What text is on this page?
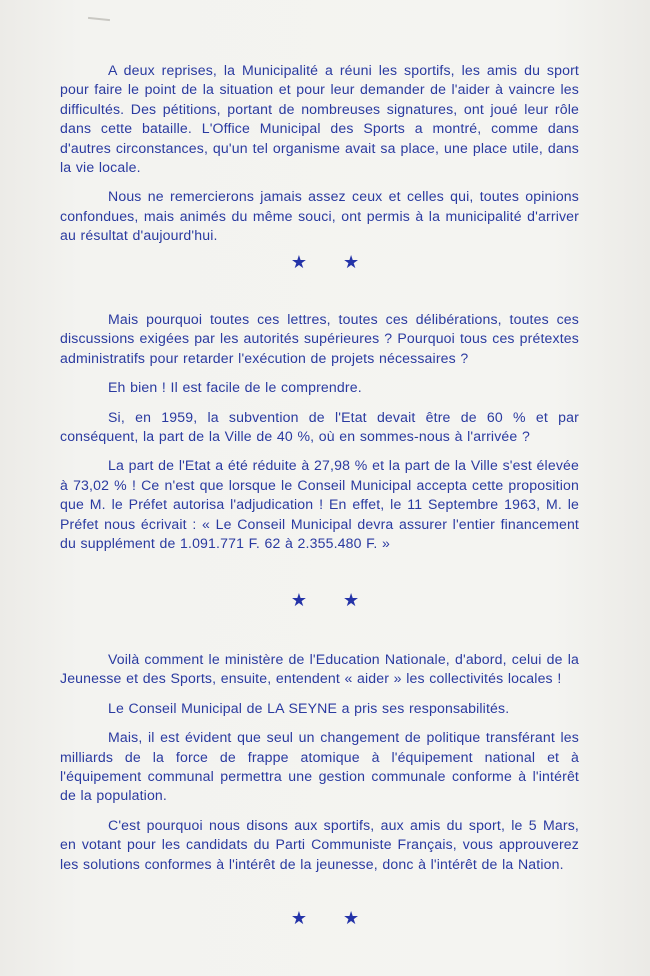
A deux reprises, la Municipalité a réuni les sportifs, les amis du sport pour faire le point de la situation et pour leur demander de l'aider à vaincre les difficultés. Des pétitions, portant de nombreuses signatures, ont joué leur rôle dans cette bataille. L'Office Municipal des Sports a montré, comme dans d'autres circonstances, qu'un tel organisme avait sa place, une place utile, dans la vie locale.

Nous ne remercierons jamais assez ceux et celles qui, toutes opinions confondues, mais animés du même souci, ont permis à la municipalité d'arriver au résultat d'aujourd'hui.

★ ★

Mais pourquoi toutes ces lettres, toutes ces délibérations, toutes ces discussions exigées par les autorités supérieures ? Pourquoi tous ces prétextes administratifs pour retarder l'exécution de projets nécessaires ?

Eh bien ! Il est facile de le comprendre.

Si, en 1959, la subvention de l'Etat devait être de 60 % et par conséquent, la part de la Ville de 40 %, où en sommes-nous à l'arrivée ?

La part de l'Etat a été réduite à 27,98 % et la part de la Ville s'est élevée à 73,02 % ! Ce n'est que lorsque le Conseil Municipal accepta cette proposition que M. le Préfet autorisa l'adjudication ! En effet, le 11 Septembre 1963, M. le Préfet nous écrivait : « Le Conseil Municipal devra assurer l'entier financement du supplément de 1.091.771 F. 62 à 2.355.480 F. »

★ ★

Voilà comment le ministère de l'Education Nationale, d'abord, celui de la Jeunesse et des Sports, ensuite, entendent « aider » les collectivités locales !

Le Conseil Municipal de LA SEYNE a pris ses responsabilités.

Mais, il est évident que seul un changement de politique transférant les milliards de la force de frappe atomique à l'équipement national et à l'équipement communal permettra une gestion communale conforme à l'intérêt de la population.

C'est pourquoi nous disons aux sportifs, aux amis du sport, le 5 Mars, en votant pour les candidats du Parti Communiste Français, vous approuverez les solutions conformes à l'intérêt de la jeunesse, donc à l'intérêt de la Nation.

★ ★
